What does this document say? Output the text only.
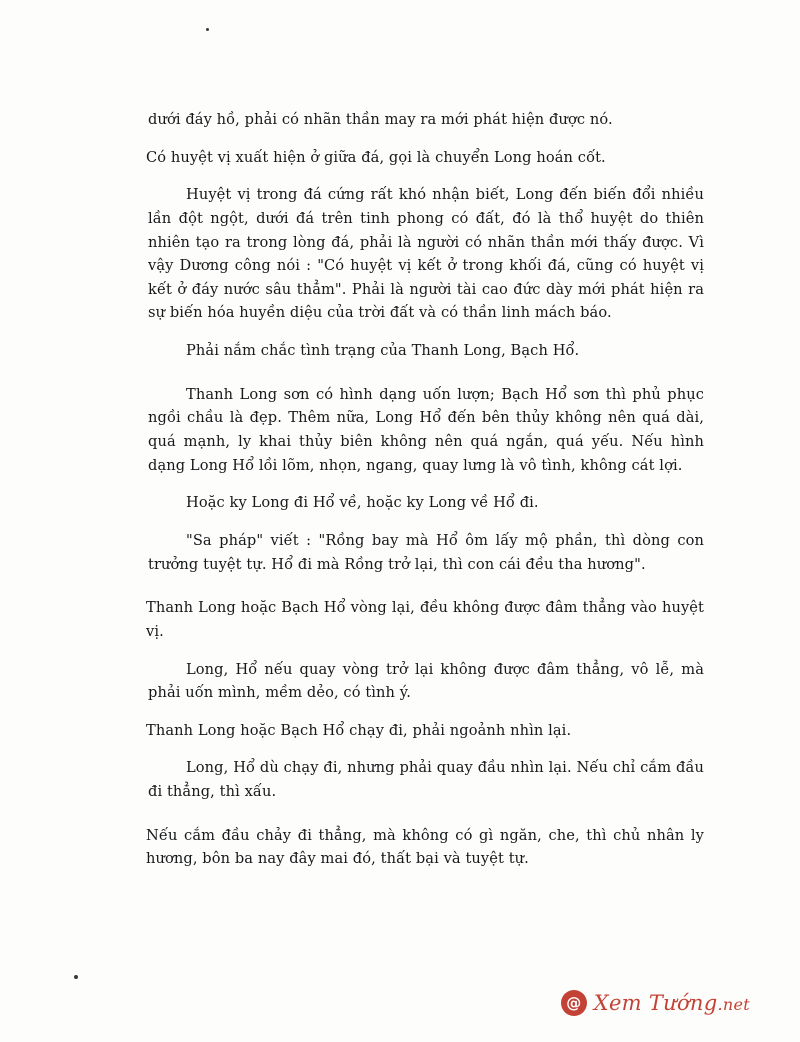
dưới đáy hồ, phải có nhãn thần may ra mới phát hiện được nó.

Có huyệt vị xuất hiện ở giữa đá, gọi là chuyển Long hoán cốt.

Huyệt vị trong đá cứng rất khó nhận biết, Long đến biến đổi nhiều lần đột ngột, dưới đá trên tinh phong có đất, đó là thổ huyệt do thiên nhiên tạo ra trong lòng đá, phải là người có nhãn thần mới thấy được. Vì vậy Dương công nói : "Có huyệt vị kết ở trong khối đá, cũng có huyệt vị kết ở đáy nước sâu thẳm". Phải là người tài cao đức dày mới phát hiện ra sự biến hóa huyền diệu của trời đất và có thần linh mách báo.

Phải nắm chắc tình trạng của Thanh Long, Bạch Hổ.

Thanh Long sơn có hình dạng uốn lượn; Bạch Hổ sơn thì phủ phục ngồi chầu là đẹp. Thêm nữa, Long Hổ đến bên thủy không nên quá dài, quá mạnh, ly khai thủy biên không nên quá ngắn, quá yếu. Nếu hình dạng Long Hổ lồi lõm, nhọn, ngang, quay lưng là vô tình, không cát lợi.

Hoặc ky Long đi Hổ về, hoặc ky Long về Hổ đi.

"Sa pháp" viết : "Rồng bay mà Hổ ôm lấy mộ phần, thì dòng con trưởng tuyệt tự. Hổ đi mà Rồng trở lại, thì con cái đều tha hương".

Thanh Long hoặc Bạch Hổ vòng lại, đều không được đâm thẳng vào huyệt vị.

Long, Hổ nếu quay vòng trở lại không được đâm thẳng, vô lễ, mà phải uốn mình, mềm dẻo, có tình ý.

Thanh Long hoặc Bạch Hổ chạy đi, phải ngoảnh nhìn lại.

Long, Hổ dù chạy đi, nhưng phải quay đầu nhìn lại. Nếu chỉ cắm đầu đi thẳng, thì xấu.

Nếu cắm đầu chảy đi thẳng, mà không có gì ngăn, che, thì chủ nhân ly hương, bôn ba nay đây mai đó, thất bại và tuyệt tự.

@ Xem Tướng.net
